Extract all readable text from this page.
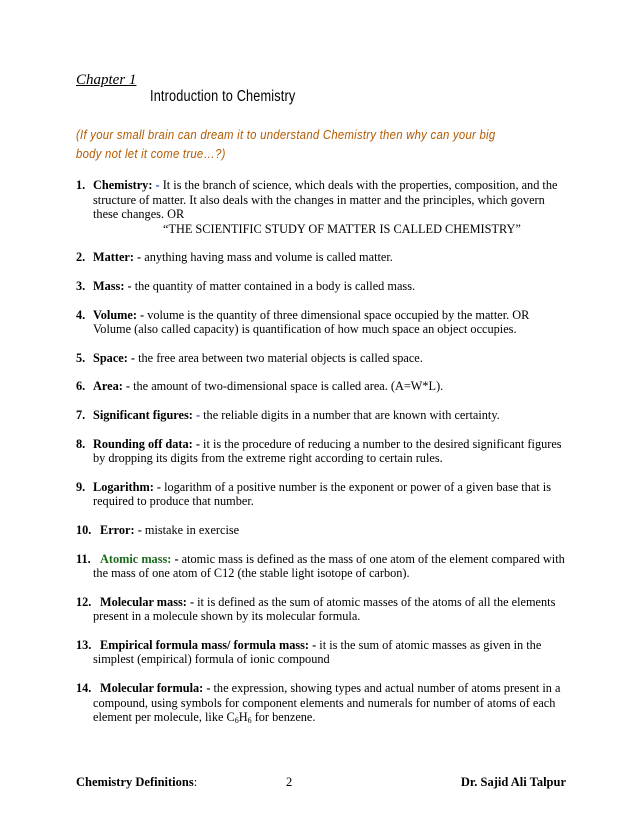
Chapter 1
Introduction to Chemistry
(If your small brain can dream it to understand Chemistry then why can your big
body not let it come true…?)
1. Chemistry: - It is the branch of science, which deals with the properties, composition, and the structure of matter. It also deals with the changes in matter and the principles, which govern these changes. OR
“THE SCIENTIFIC STUDY OF MATTER IS CALLED CHEMISTRY”
2. Matter: - anything having mass and volume is called matter.
3. Mass: - the quantity of matter contained in a body is called mass.
4. Volume: - volume is the quantity of three dimensional space occupied by the matter. OR Volume (also called capacity) is quantification of how much space an object occupies.
5. Space: - the free area between two material objects is called space.
6. Area: - the amount of two-dimensional space is called area. (A=W*L).
7. Significant figures: - the reliable digits in a number that are known with certainty.
8. Rounding off data: - it is the procedure of reducing a number to the desired significant figures by dropping its digits from the extreme right according to certain rules.
9. Logarithm: - logarithm of a positive number is the exponent or power of a given base that is required to produce that number.
10. Error: - mistake in exercise
11. Atomic mass: - atomic mass is defined as the mass of one atom of the element compared with the mass of one atom of C12 (the stable light isotope of carbon).
12. Molecular mass: - it is defined as the sum of atomic masses of the atoms of all the elements present in a molecule shown by its molecular formula.
13. Empirical formula mass/ formula mass: - it is the sum of atomic masses as given in the simplest (empirical) formula of ionic compound
14. Molecular formula: - the expression, showing types and actual number of atoms present in a compound, using symbols for component elements and numerals for number of atoms of each element per molecule, like $C_6H_6$ for benzene.
Chemistry Definitions:	2	Dr. Sajid Ali Talpur
